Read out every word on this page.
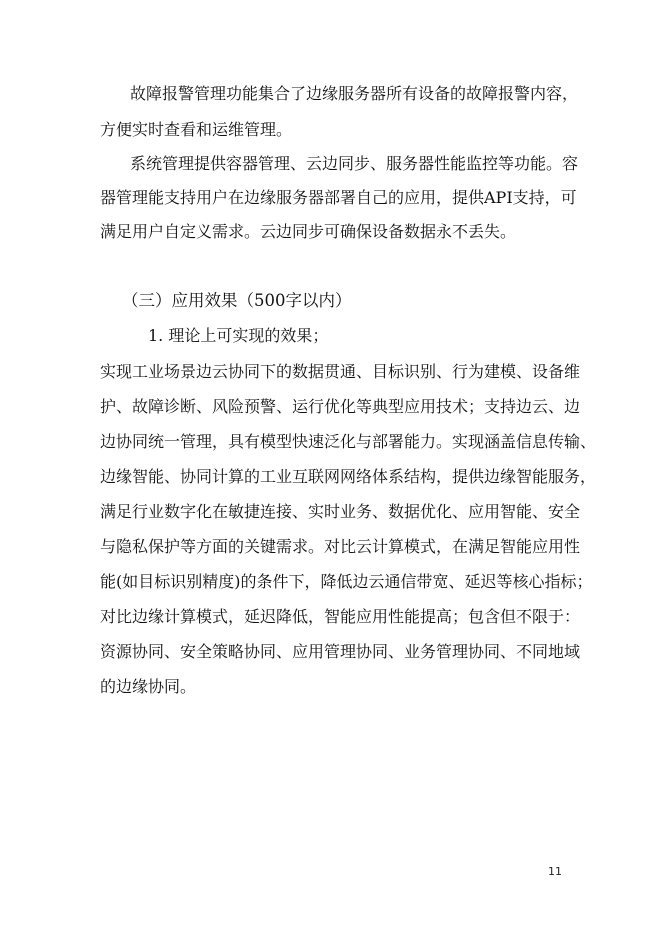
故障报警管理功能集合了边缘服务器所有设备的故障报警内容，

方便实时查看和运维管理。

系统管理提供容器管理、云边同步、服务器性能监控等功能。容

器管理能支持用户在边缘服务器部署自己的应用，提供API支持，可

满足用户自定义需求。云边同步可确保设备数据永不丢失。

（三）应用效果（500字以内）

1. 理论上可实现的效果；

实现工业场景边云协同下的数据贯通、目标识别、行为建模、设备维

护、故障诊断、风险预警、运行优化等典型应用技术；支持边云、边

边协同统一管理，具有模型快速泛化与部署能力。实现涵盖信息传输、

边缘智能、协同计算的工业互联网网络体系结构，提供边缘智能服务，

满足行业数字化在敏捷连接、实时业务、数据优化、应用智能、安全

与隐私保护等方面的关键需求。对比云计算模式，在满足智能应用性

能(如目标识别精度)的条件下，降低边云通信带宽、延迟等核心指标；

对比边缘计算模式，延迟降低，智能应用性能提高；包含但不限于：

资源协同、安全策略协同、应用管理协同、业务管理协同、不同地域

的边缘协同。

11
